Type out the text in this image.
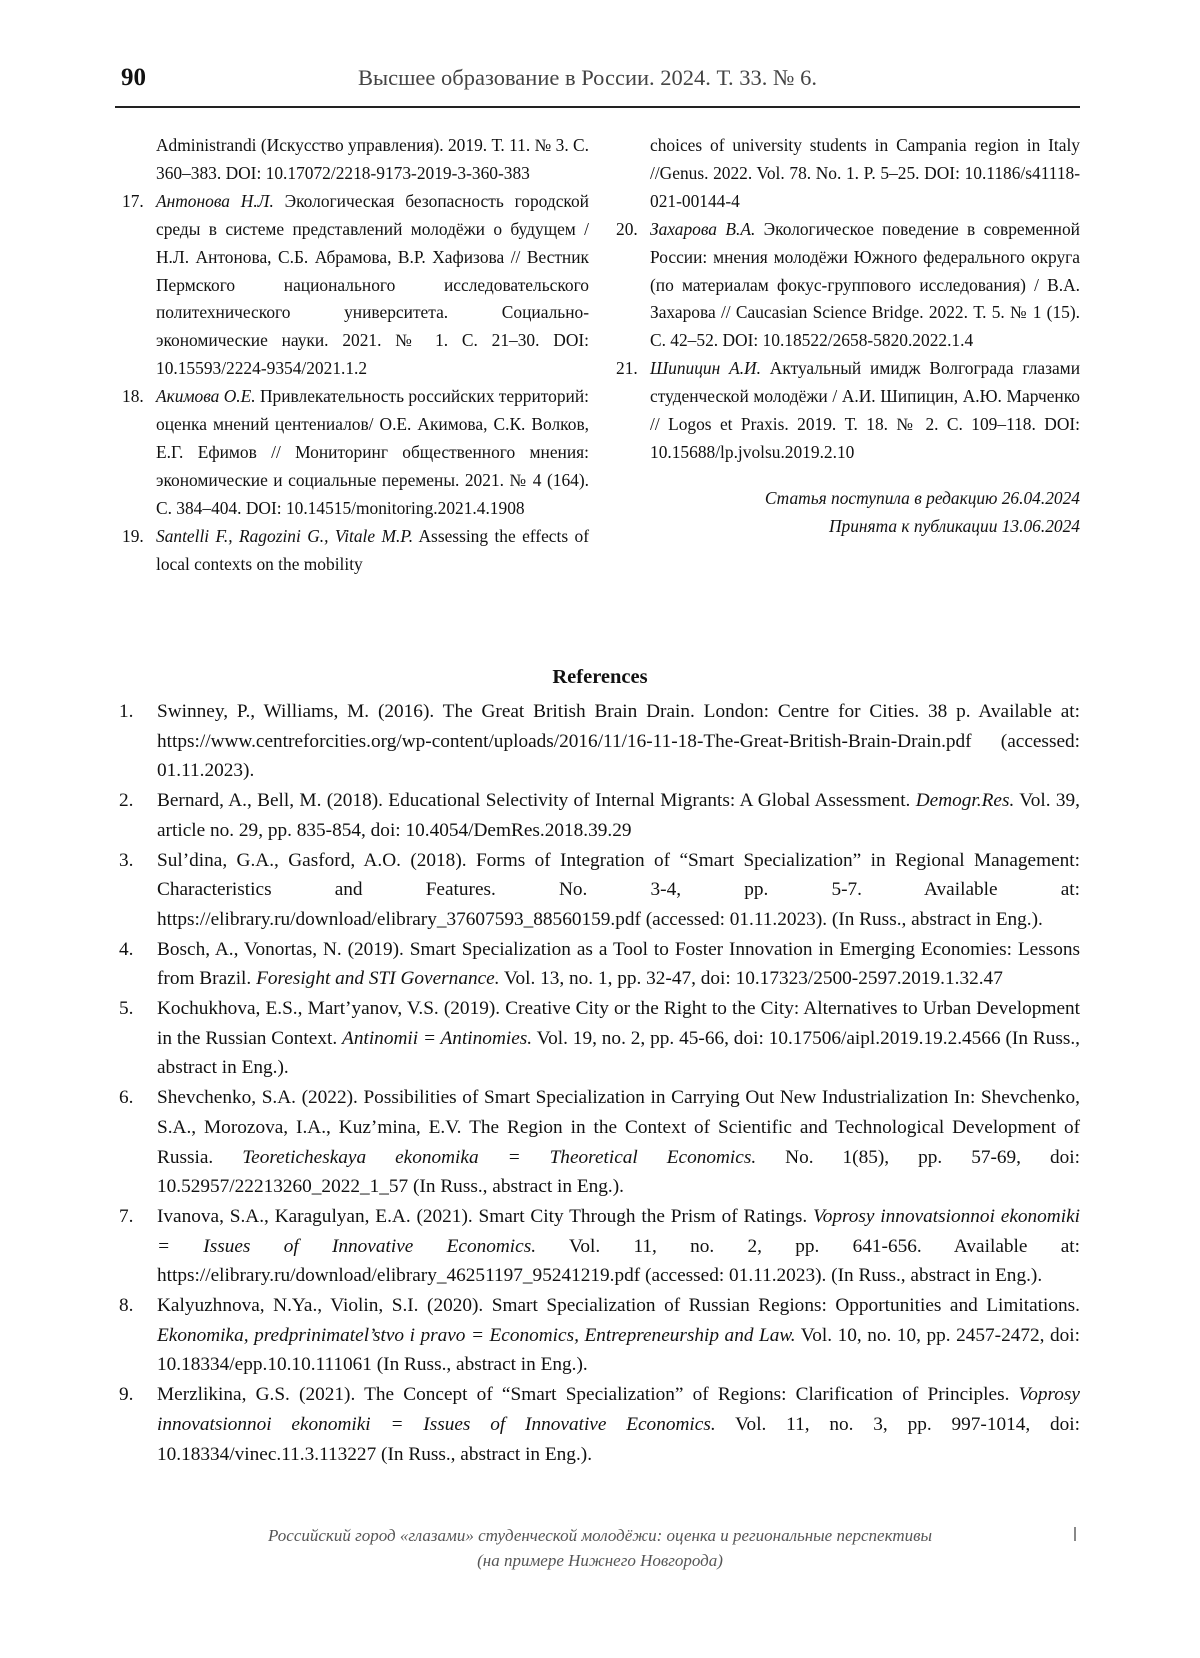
90	Высшее образование в России. 2024. Т. 33. № 6.
Administrandi (Искусство управления). 2019. Т. 11. № 3. С. 360–383. DOI: 10.17072/2218-9173-2019-3-360-383
17. Антонова Н.Л. Экологическая безопасность городской среды в системе представлений молодёжи о будущем / Н.Л. Антонова, С.Б. Абрамова, В.Р. Хафизова // Вестник Пермского национального исследовательского политехнического университета. Социально-экономические науки. 2021. № 1. С. 21–30. DOI: 10.15593/2224-9354/2021.1.2
18. Акимова О.Е. Привлекательность российских территорий: оценка мнений центениалов/ О.Е. Акимова, С.К. Волков, Е.Г. Ефимов // Мониторинг общественного мнения: экономические и социальные перемены. 2021. № 4 (164). С. 384–404. DOI: 10.14515/monitoring.2021.4.1908
19. Santelli F., Ragozini G., Vitale M.P. Assessing the effects of local contexts on the mobility
choices of university students in Campania region in Italy //Genus. 2022. Vol. 78. No. 1. P. 5–25. DOI: 10.1186/s41118-021-00144-4
20. Захарова В.А. Экологическое поведение в современной России: мнения молодёжи Южного федерального округа (по материалам фокус-группового исследования) / В.А. Захарова // Caucasian Science Bridge. 2022. Т. 5. № 1 (15). С. 42–52. DOI: 10.18522/2658-5820.2022.1.4
21. Шипицин А.И. Актуальный имидж Волгограда глазами студенческой молодёжи / А.И. Шипицин, А.Ю. Марченко // Logos et Praxis. 2019. Т. 18. № 2. С. 109–118. DOI: 10.15688/lp.jvolsu.2019.2.10
Статья поступила в редакцию 26.04.2024
Принята к публикации 13.06.2024
References
1. Swinney, P., Williams, M. (2016). The Great British Brain Drain. London: Centre for Cities. 38 p. Available at: https://www.centreforcities.org/wp-content/uploads/2016/11/16-11-18-The-Great-British-Brain-Drain.pdf (accessed: 01.11.2023).
2. Bernard, A., Bell, M. (2018). Educational Selectivity of Internal Migrants: A Global Assessment. Demogr.Res. Vol. 39, article no. 29, pp. 835-854, doi: 10.4054/DemRes.2018.39.29
3. Sul’dina, G.A., Gasford, A.O. (2018). Forms of Integration of “Smart Specialization” in Regional Management: Characteristics and Features. No. 3-4, pp. 5-7. Available at: https://elibrary.ru/download/elibrary_37607593_88560159.pdf (accessed: 01.11.2023). (In Russ., abstract in Eng.).
4. Bosch, A., Vonortas, N. (2019). Smart Specialization as a Tool to Foster Innovation in Emerging Economies: Lessons from Brazil. Foresight and STI Governance. Vol. 13, no. 1, pp. 32-47, doi: 10.17323/2500-2597.2019.1.32.47
5. Kochukhova, E.S., Mart’yanov, V.S. (2019). Creative City or the Right to the City: Alternatives to Urban Development in the Russian Context. Antinomii = Antinomies. Vol. 19, no. 2, pp. 45-66, doi: 10.17506/aipl.2019.19.2.4566 (In Russ., abstract in Eng.).
6. Shevchenko, S.A. (2022). Possibilities of Smart Specialization in Carrying Out New Industrialization In: Shevchenko, S.A., Morozova, I.A., Kuz’mina, E.V. The Region in the Context of Scientific and Technological Development of Russia. Teoreticheskaya ekonomika = Theoretical Economics. No. 1(85), pp. 57-69, doi: 10.52957/22213260_2022_1_57 (In Russ., abstract in Eng.).
7. Ivanova, S.A., Karagulyan, E.A. (2021). Smart City Through the Prism of Ratings. Voprosy innovatsionnoi ekonomiki = Issues of Innovative Economics. Vol. 11, no. 2, pp. 641-656. Available at: https://elibrary.ru/download/elibrary_46251197_95241219.pdf (accessed: 01.11.2023). (In Russ., abstract in Eng.).
8. Kalyuzhnova, N.Ya., Violin, S.I. (2020). Smart Specialization of Russian Regions: Opportunities and Limitations. Ekonomika, predprinimatel’stvo i pravo = Economics, Entrepreneurship and Law. Vol. 10, no. 10, pp. 2457-2472, doi: 10.18334/epp.10.10.111061 (In Russ., abstract in Eng.).
9. Merzlikina, G.S. (2021). The Concept of “Smart Specialization” of Regions: Clarification of Principles. Voprosy innovatsionnoi ekonomiki = Issues of Innovative Economics. Vol. 11, no. 3, pp. 997-1014, doi: 10.18334/vinec.11.3.113227 (In Russ., abstract in Eng.).
Российский город «глазами» студенческой молодёжи: оценка и региональные перспективы
(на примере Нижнего Новгорода)
